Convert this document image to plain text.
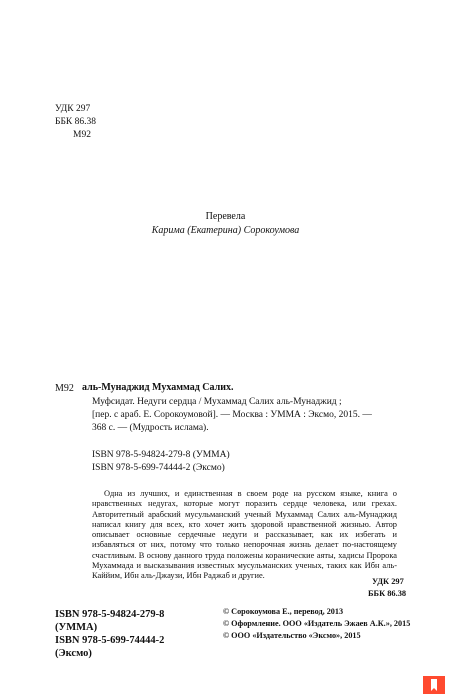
УДК 297
ББК 86.38
М92
Перевела
Карима (Екатерина) Сорокоумова
М92 аль-Мунаджид Мухаммад Салих.
Муфсидат. Недуги сердца / Мухаммад Салих аль-Мунаджид ;
[пер. с араб. Е. Сорокоумовой]. — Москва : УММА : Эксмо, 2015. —
368 с. — (Мудрость ислама).
ISBN 978-5-94824-279-8 (УММА)
ISBN 978-5-699-74444-2 (Эксмо)
Одна из лучших, и единственная в своем роде на русском языке, книга о нравственных недугах, которые могут поразить сердце человека, или грехах. Авторитетный арабский мусульманский ученый Мухаммад Салих аль-Мунаджид написал книгу для всех, кто хочет жить здоровой нравственной жизнью. Автор описывает основные сердечные недуги и рассказывает, как их избегать и избавляться от них, потому что только непорочная жизнь делает по-настоящему счастливым. В основу данного труда положены коранические аяты, хадисы Пророка Мухаммада и высказывания известных мусульманских ученых, таких как Ибн аль-Каййим, Ибн аль-Джаузи, Ибн Раджаб и другие.
УДК 297
ББК 86.38
ISBN 978-5-94824-279-8
(УММА)
ISBN 978-5-699-74444-2
(Эксмо)
© Сорокоумова Е., перевод, 2013
© Оформление. ООО «Издатель Эжаев А.К.», 2015
© ООО «Издательство «Эксмо», 2015
